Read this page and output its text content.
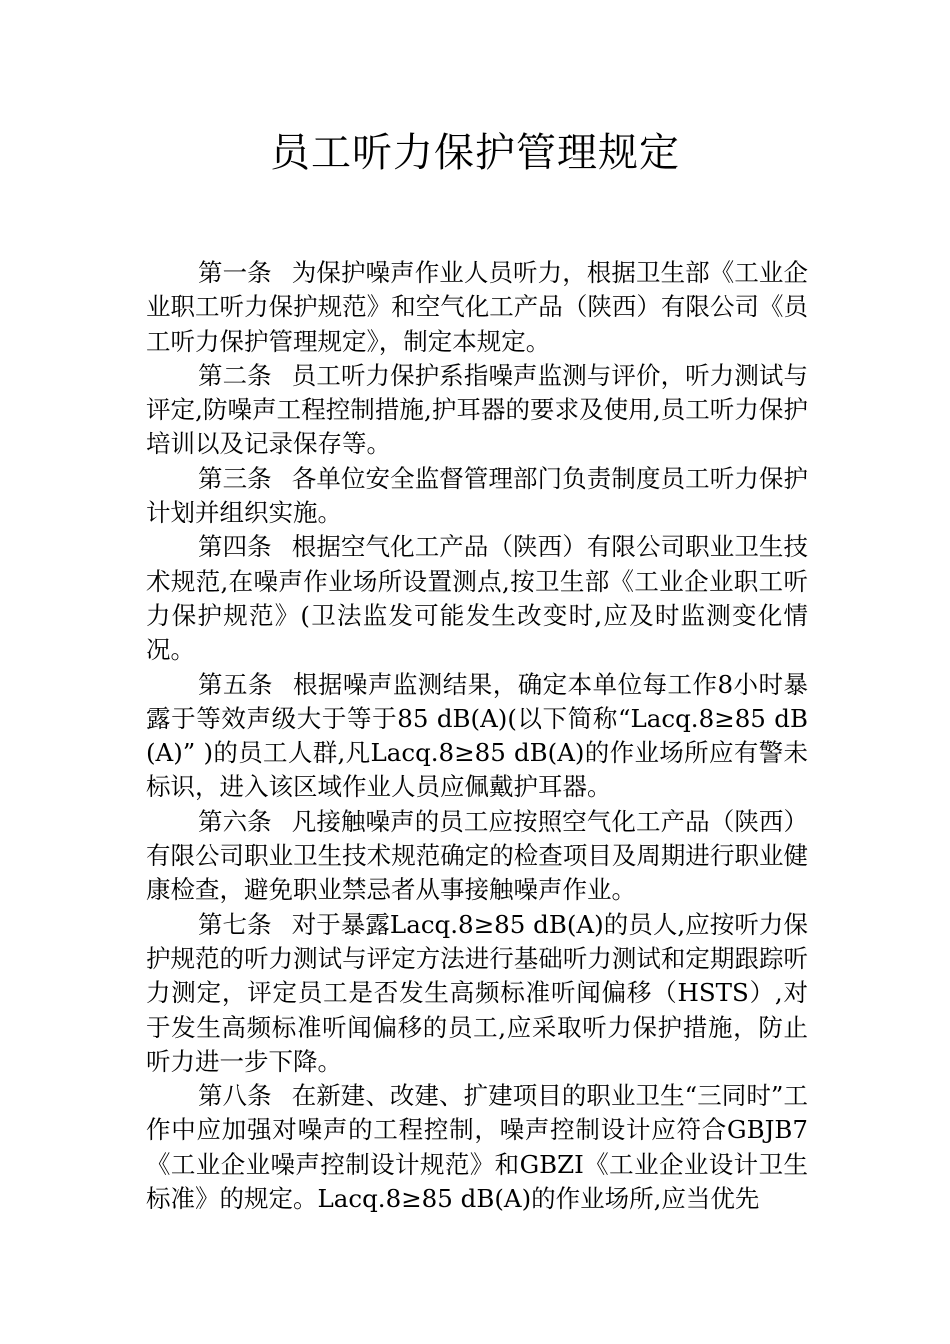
员工听力保护管理规定

第一条 为保护噪声作业人员听力，根据卫生部《工业企业职工听力保护规范》和空气化工产品（陕西）有限公司《员工听力保护管理规定》，制定本规定。

第二条 员工听力保护系指噪声监测与评价，听力测试与评定,防噪声工程控制措施,护耳器的要求及使用,员工听力保护培训以及记录保存等。

第三条 各单位安全监督管理部门负责制度员工听力保护计划并组织实施。

第四条 根据空气化工产品（陕西）有限公司职业卫生技术规范,在噪声作业场所设置测点,按卫生部《工业企业职工听力保护规范》(卫法监发可能发生改变时,应及时监测变化情况。

第五条 根据噪声监测结果，确定本单位每工作8小时暴露于等效声级大于等于85 dB(A)(以下简称“Lacq.8≥85 dB(A)” )的员工人群,凡Lacq.8≥85 dB(A)的作业场所应有警未标识，进入该区域作业人员应佩戴护耳器。

第六条 凡接触噪声的员工应按照空气化工产品（陕西）有限公司职业卫生技术规范确定的检查项目及周期进行职业健康检查，避免职业禁忌者从事接触噪声作业。

第七条 对于暴露Lacq.8≥85 dB(A)的员人,应按听力保护规范的听力测试与评定方法进行基础听力测试和定期跟踪听力测定，评定员工是否发生高频标准听闻偏移（HSTS）,对于发生高频标准听闻偏移的员工,应采取听力保护措施，防止听力进一步下降。

第八条 在新建、改建、扩建项目的职业卫生“三同时”工作中应加强对噪声的工程控制，噪声控制设计应符合GBJB7《工业企业噪声控制设计规范》和GBZI《工业企业设计卫生标准》的规定。Lacq.8≥85 dB(A)的作业场所,应当优先
